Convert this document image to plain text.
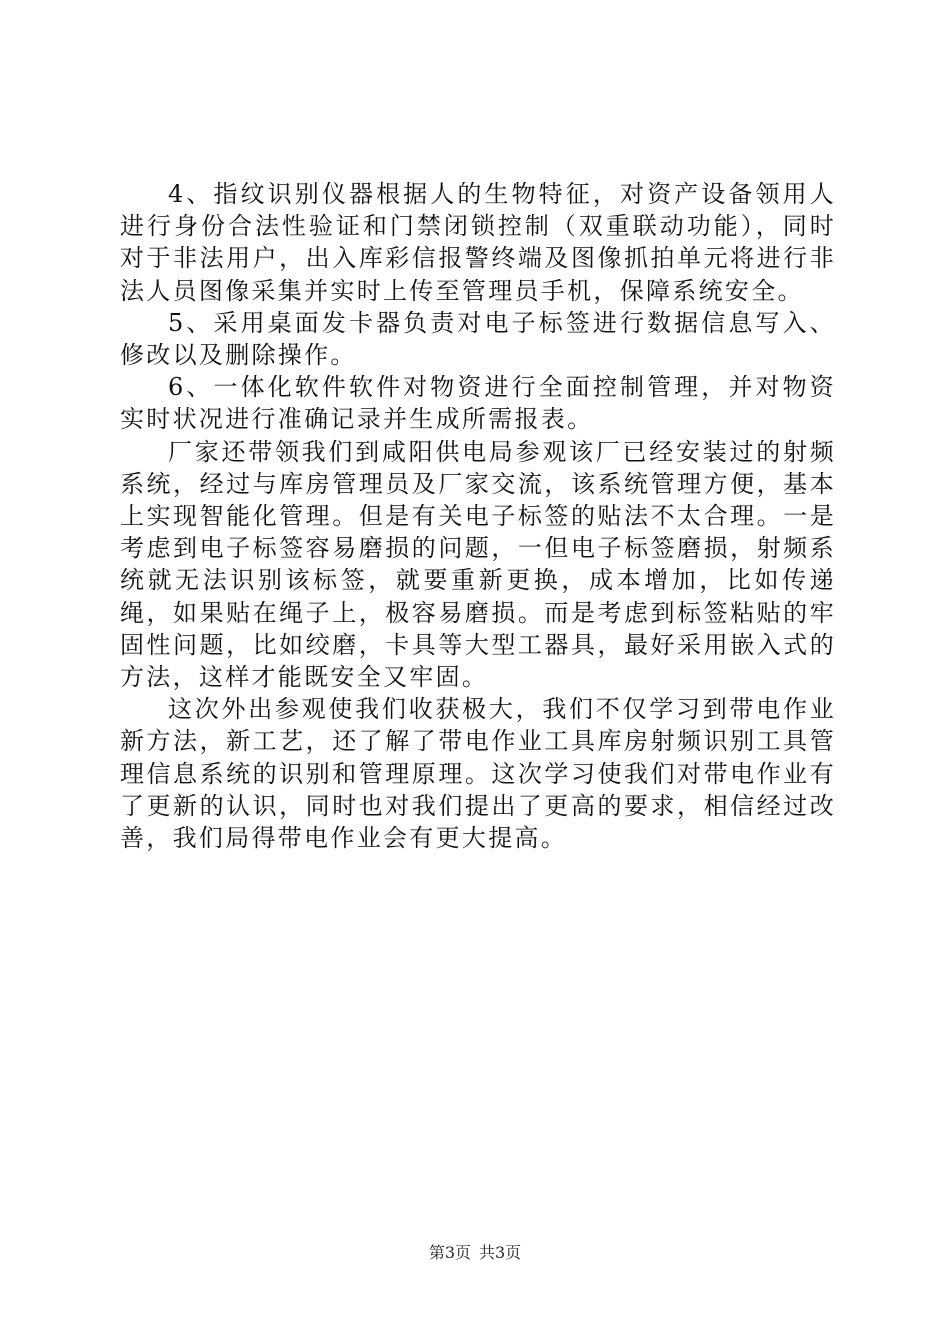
4、指纹识别仪器根据人的生物特征，对资产设备领用人进行身份合法性验证和门禁闭锁控制（双重联动功能），同时对于非法用户，出入库彩信报警终端及图像抓拍单元将进行非法人员图像采集并实时上传至管理员手机，保障系统安全。

5、采用桌面发卡器负责对电子标签进行数据信息写入、修改以及删除操作。

6、一体化软件软件对物资进行全面控制管理，并对物资实时状况进行准确记录并生成所需报表。

厂家还带领我们到咸阳供电局参观该厂已经安装过的射频系统，经过与库房管理员及厂家交流，该系统管理方便，基本上实现智能化管理。但是有关电子标签的贴法不太合理。一是考虑到电子标签容易磨损的问题，一但电子标签磨损，射频系统就无法识别该标签，就要重新更换，成本增加，比如传递绳，如果贴在绳子上，极容易磨损。而是考虑到标签粘贴的牢固性问题，比如绞磨，卡具等大型工器具，最好采用嵌入式的方法，这样才能既安全又牢固。

这次外出参观使我们收获极大，我们不仅学习到带电作业新方法，新工艺，还了解了带电作业工具库房射频识别工具管理信息系统的识别和管理原理。这次学习使我们对带电作业有了更新的认识，同时也对我们提出了更高的要求，相信经过改善，我们局得带电作业会有更大提高。

第3页 共3页
